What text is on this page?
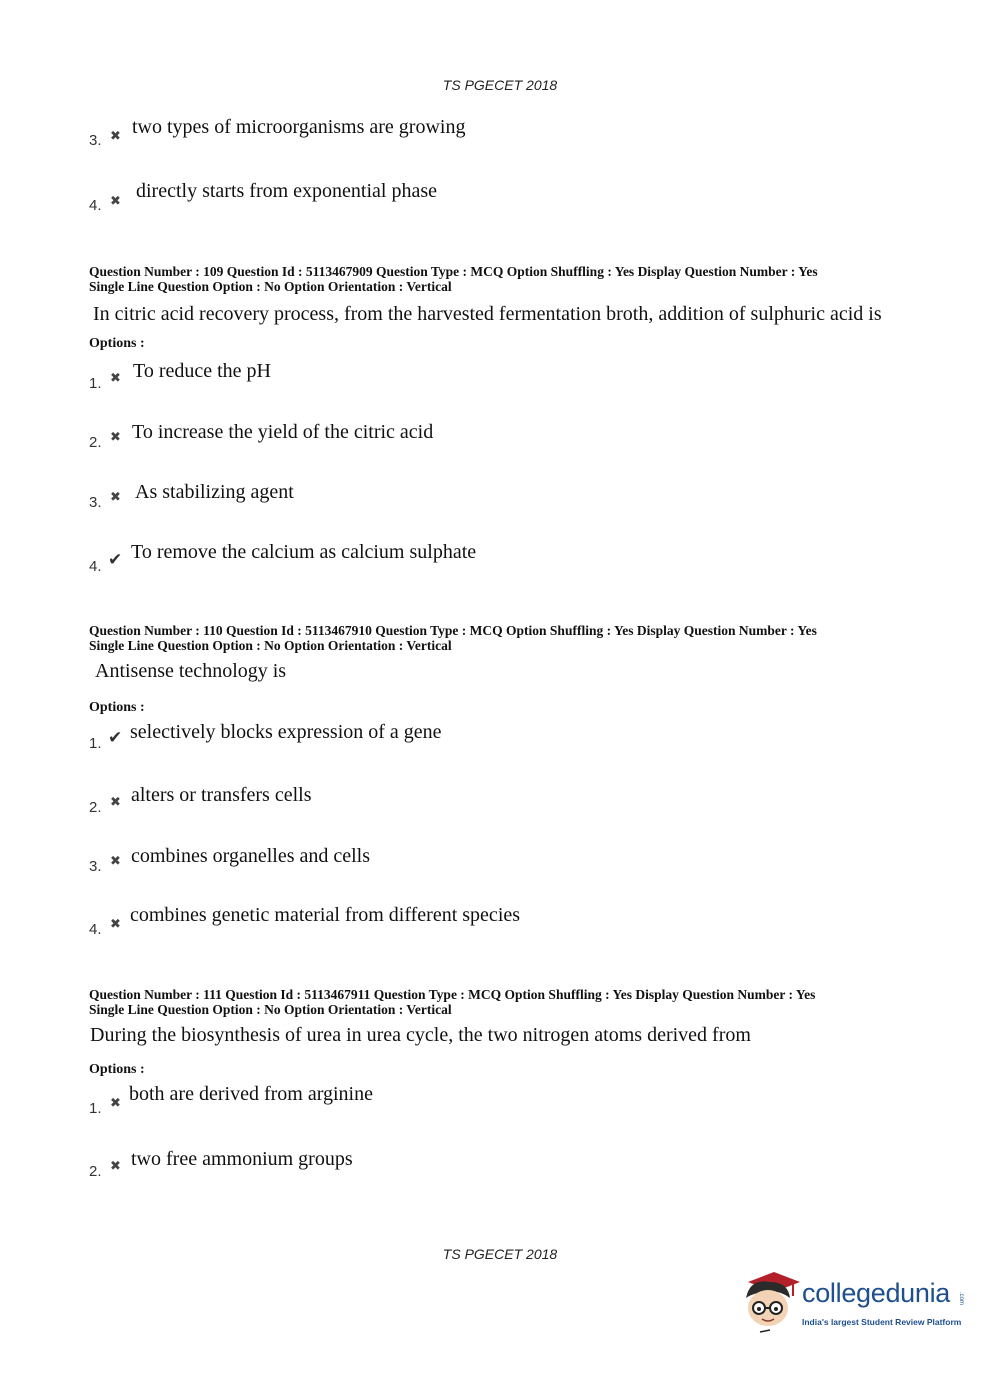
TS PGECET 2018
3. ✖ two types of microorganisms are growing
4. ✖ directly starts from exponential phase
Question Number : 109 Question Id : 5113467909 Question Type : MCQ Option Shuffling : Yes Display Question Number : Yes
Single Line Question Option : No Option Orientation : Vertical
In citric acid recovery process, from the harvested fermentation broth, addition of sulphuric acid is
Options :
1. ✖ To reduce the pH
2. ✖ To increase the yield of the citric acid
3. ✖ As stabilizing agent
4. ✔ To remove the calcium as calcium sulphate
Question Number : 110 Question Id : 5113467910 Question Type : MCQ Option Shuffling : Yes Display Question Number : Yes
Single Line Question Option : No Option Orientation : Vertical
Antisense technology is
Options :
1. ✔ selectively blocks expression of a gene
2. ✖ alters or transfers cells
3. ✖ combines organelles and cells
4. ✖ combines genetic material from different species
Question Number : 111 Question Id : 5113467911 Question Type : MCQ Option Shuffling : Yes Display Question Number : Yes
Single Line Question Option : No Option Orientation : Vertical
During the biosynthesis of urea in urea cycle, the two nitrogen atoms derived from
Options :
1. ✖ both are derived from arginine
2. ✖ two free ammonium groups
TS PGECET 2018
collegedunia .com
India's largest Student Review Platform
